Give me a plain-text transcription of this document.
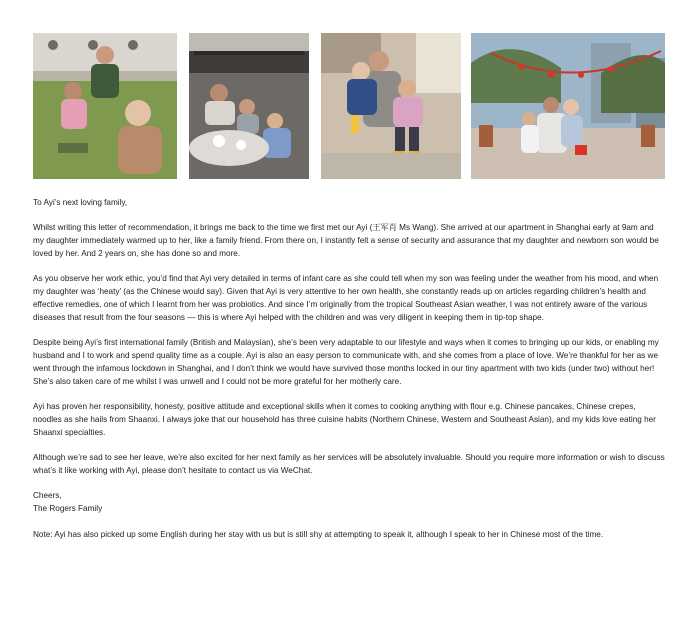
To Ayi’s next loving family,

Whilst writing this letter of recommendation, it brings me back to the time we first met our Ayi (王军肖 Ms Wang). She arrived at our apartment in Shanghai early at 9am and my daughter immediately warmed up to her, like a family friend. From there on, I instantly felt a sense of security and assurance that my daughter and newborn son would be loved by her. And 2 years on, she has done so and more.

As you observe her work ethic, you’d find that Ayi very detailed in terms of infant care as she could tell when my son was feeling under the weather from his mood, and when my daughter was ‘heaty’ (as the Chinese would say). Given that Ayi is very attentive to her own health, she constantly reads up on articles regarding children’s health and effective remedies, one of which I learnt from her was probiotics. And since I’m originally from the tropical Southeast Asian weather, I was not entirely aware of the various diseases that result from the four seasons — this is where Ayi helped with the children and was very diligent in keeping them in tip-top shape.

Despite being Ayi’s first international family (British and Malaysian), she’s been very adaptable to our lifestyle and ways when it comes to bringing up our kids, or enabling my husband and I to work and spend quality time as a couple. Ayi is also an easy person to communicate with, and she comes from a place of love. We’re thankful for her as we went through the infamous lockdown in Shanghai, and I don’t think we would have survived those months locked in our tiny apartment with two kids (under two) without her! She’s also taken care of me whilst I was unwell and I could not be more grateful for her motherly care.

Ayi has proven her responsibility, honesty, positive attitude and exceptional skills when it comes to cooking anything with flour e.g. Chinese pancakes, Chinese crepes, noodles as she hails from Shaanxi. I always joke that our household has three cuisine habits (Northern Chinese, Western and Southeast Asian), and my kids love eating her Shaanxi specialties.

Although we’re sad to see her leave, we’re also excited for her next family as her services will be absolutely invaluable. Should you require more information or wish to discuss what’s it like working with Ayi, please don’t hesitate to contact us via WeChat.

Cheers,
The Rogers Family

Note: Ayi has also picked up some English during her stay with us but is still shy at attempting to speak it, although I speak to her in Chinese most of the time.
